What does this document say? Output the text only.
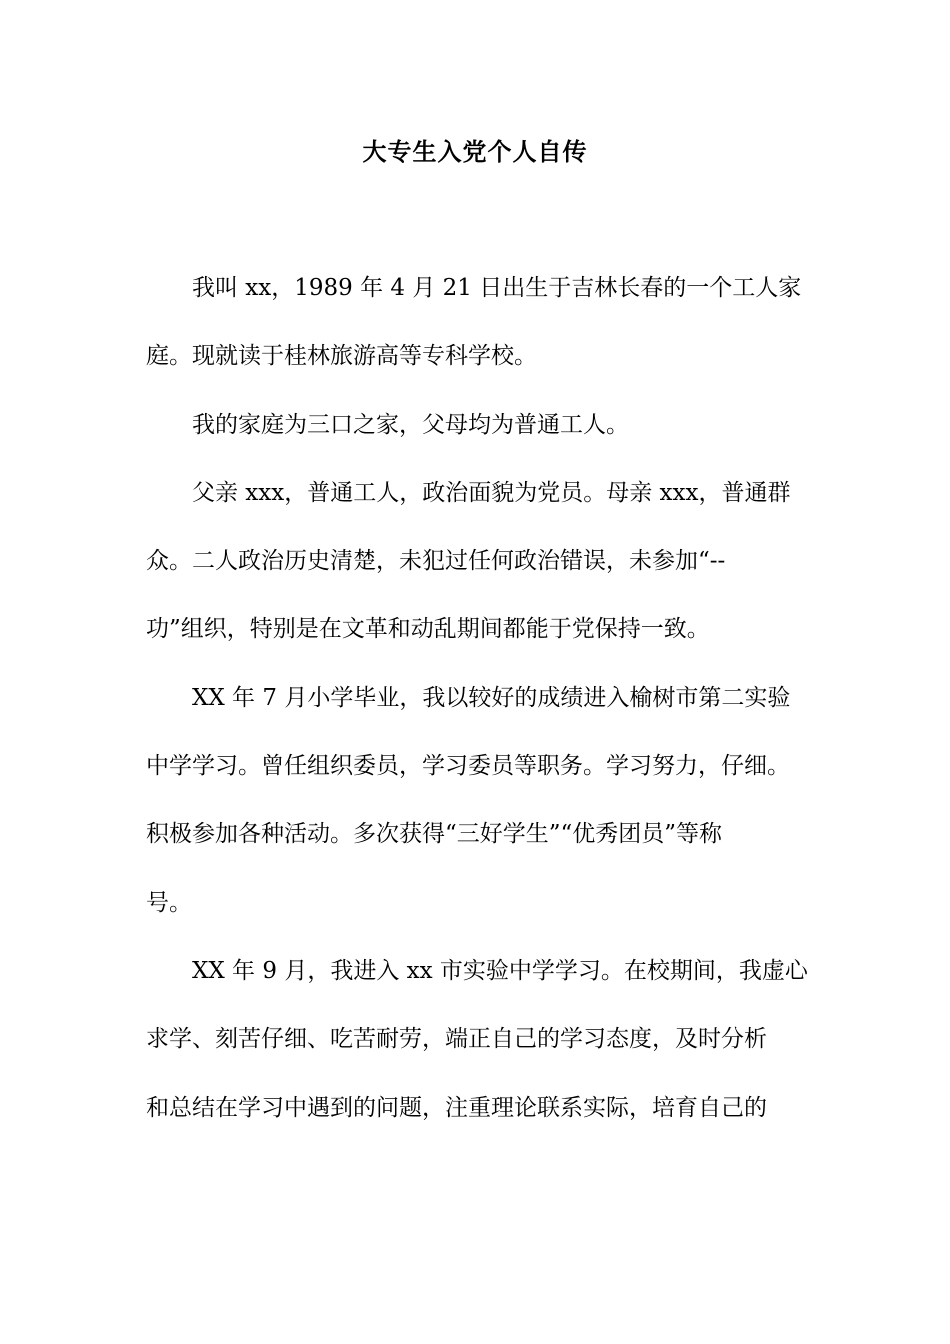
大专生入党个人自传

我叫 xx，1989 年 4 月 21 日出生于吉林长春的一个工人家
庭。现就读于桂林旅游高等专科学校。

我的家庭为三口之家，父母均为普通工人。

父亲 xxx，普通工人，政治面貌为党员。母亲 xxx，普通群
众。二人政治历史清楚，未犯过任何政治错误，未参加“--
功”组织，特别是在文革和动乱期间都能于党保持一致。

XX 年 7 月小学毕业，我以较好的成绩进入榆树市第二实验
中学学习。曾任组织委员，学习委员等职务。学习努力，仔细。
积极参加各种活动。多次获得“三好学生”“优秀团员”等称
号。

XX 年 9 月，我进入 xx 市实验中学学习。在校期间，我虚心
求学、刻苦仔细、吃苦耐劳，端正自己的学习态度，及时分析
和总结在学习中遇到的问题，注重理论联系实际，培育自己的
